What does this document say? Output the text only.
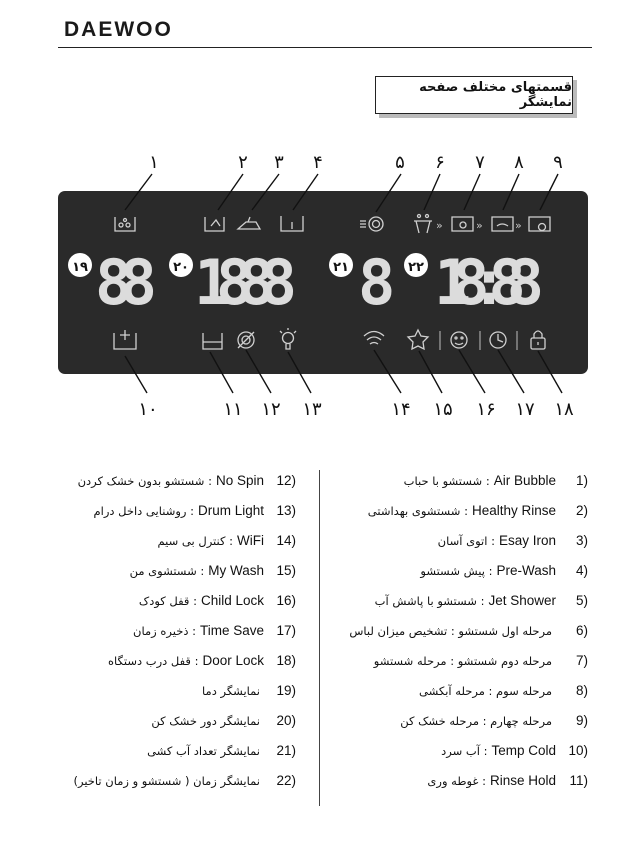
DAEWOO
قسمتهای مختلف صفحه نمایشگر
۱	۲ ۳ ۴	۵ ۶ ۷ ۸ ۹
»	»	»
88 1888 8 18:88
۱۹	۲۰	۲۱	۲۲
۱۰	۱۱ ۱۲ ۱۳	۱۴ ۱۵ ۱۶ ۱۷ ۱۸
: شستشو با حباب Air Bubble	1)
: شستشوی بهداشتی Healthy Rinse	2)
: اتوی آسان Esay Iron	3)
: پیش شستشو Pre-Wash	4)
: شستشو با پاشش آب Jet Shower	5)
مرحله اول شستشو : تشخیص میزان لباس	6)
مرحله دوم شستشو : مرحله شستشو	7)
مرحله سوم : مرحله آبکشی	8)
مرحله چهارم : مرحله خشک کن	9)
: آب سرد Temp Cold 10)
: غوطه وری Rinse Hold 11)
: شستشو بدون خشک کردن No Spin 12)
: روشنایی داخل درام Drum Light 13)
: کنترل بی سیم WiFi 14)
: شستشوی من My Wash 15)
: قفل کودک Child Lock 16)
: ذخیره زمان Time Save 17)
: قفل درب دستگاه Door Lock 18)
نمایشگر دما	19)
نمایشگر دور خشک کن	20)
نمایشگر تعداد آب کشی	21)
نمایشگر زمان ( شستشو و زمان تاخیر)	22)
